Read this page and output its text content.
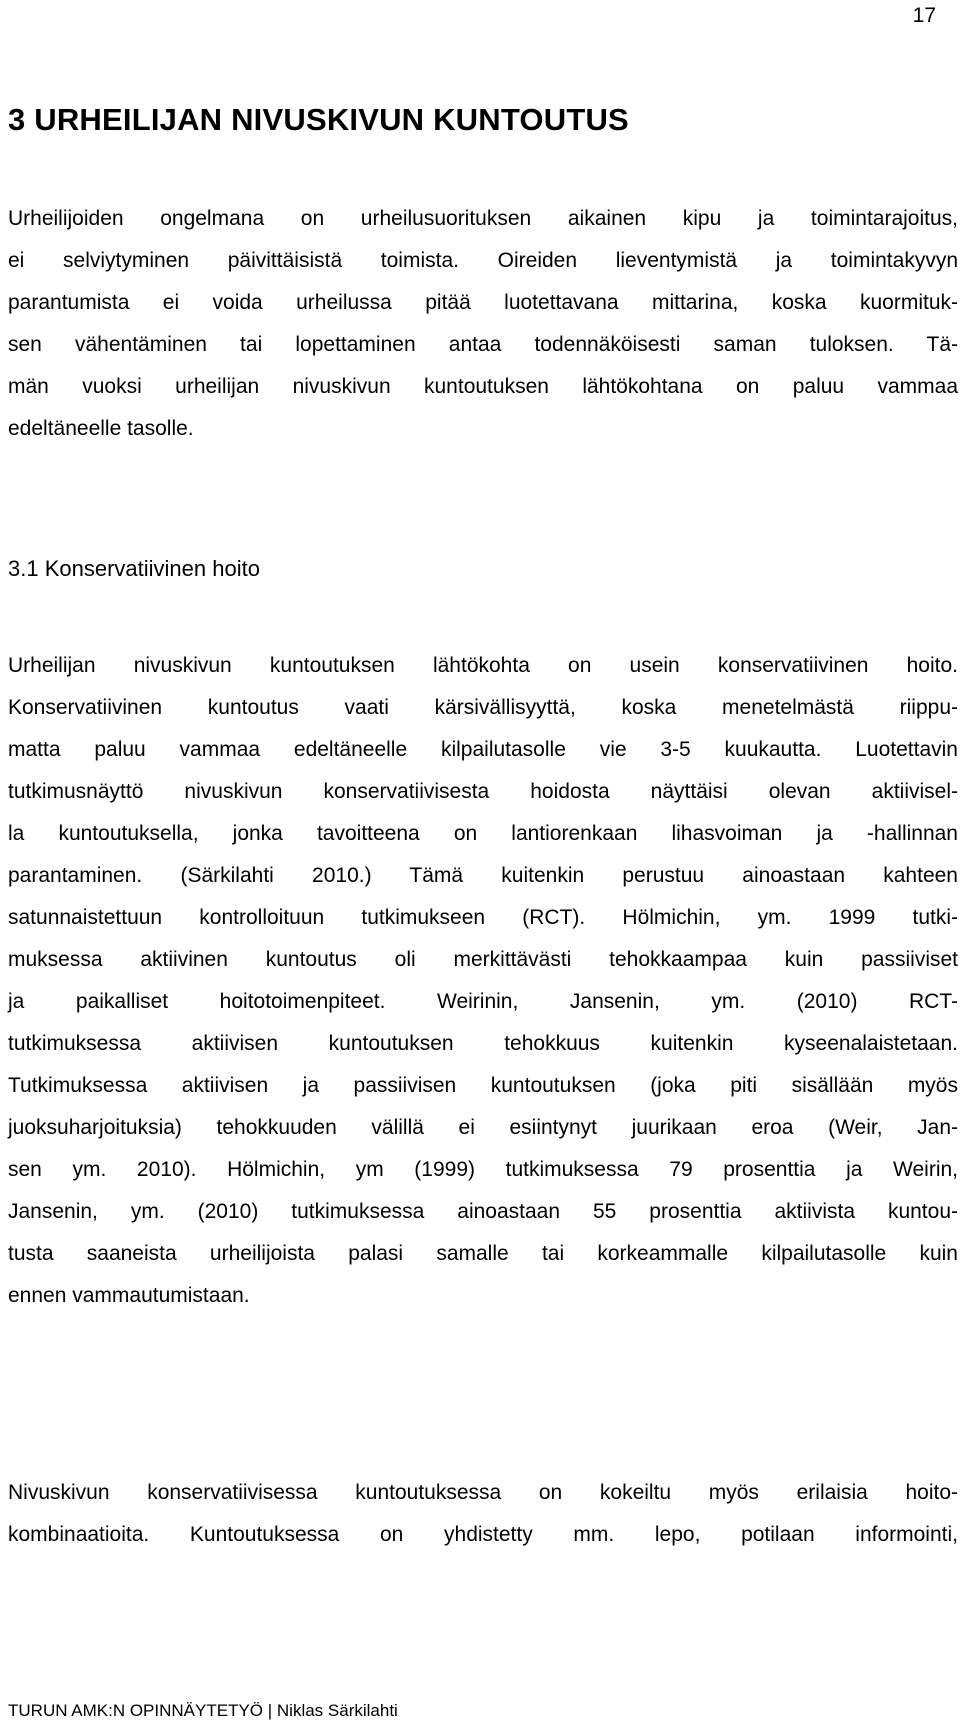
17
3 URHEILIJAN NIVUSKIVUN KUNTOUTUS
Urheilijoiden ongelmana on urheilusuorituksen aikainen kipu ja toimintarajoitus,
ei selviytyminen päivittäisistä toimista. Oireiden lieventymistä ja toimintakyvyn
parantumista ei voida urheilussa pitää luotettavana mittarina, koska kuormituk-
sen vähentäminen tai lopettaminen antaa todennäköisesti saman tuloksen. Tä-
män vuoksi urheilijan nivuskivun kuntoutuksen lähtökohtana on paluu vammaa
edeltäneelle tasolle.
3.1 Konservatiivinen hoito
Urheilijan nivuskivun kuntoutuksen lähtökohta on usein konservatiivinen hoito.
Konservatiivinen kuntoutus vaati kärsivällisyyttä, koska menetelmästä riippu-
matta paluu vammaa edeltäneelle kilpailutasolle vie 3-5 kuukautta. Luotettavin
tutkimusnäyttö nivuskivun konservatiivisesta hoidosta näyttäisi olevan aktiivisel-
la kuntoutuksella, jonka tavoitteena on lantiorenkaan lihasvoiman ja -hallinnan
parantaminen. (Särkilahti 2010.) Tämä kuitenkin perustuu ainoastaan kahteen
satunnaistettuun kontrolloituun tutkimukseen (RCT). Hölmichin, ym. 1999 tutki-
muksessa aktiivinen kuntoutus oli merkittävästi tehokkaampaa kuin passiiviset
ja paikalliset hoitotoimenpiteet. Weirinin, Jansenin, ym. (2010) RCT-
tutkimuksessa aktiivisen kuntoutuksen tehokkuus kuitenkin kyseenalaistetaan.
Tutkimuksessa aktiivisen ja passiivisen kuntoutuksen (joka piti sisällään myös
juoksuharjoituksia) tehokkuuden välillä ei esiintynyt juurikaan eroa (Weir, Jan-
sen ym. 2010). Hölmichin, ym (1999) tutkimuksessa 79 prosenttia ja Weirin,
Jansenin, ym. (2010) tutkimuksessa ainoastaan 55 prosenttia aktiivista kuntou-
tusta saaneista urheilijoista palasi samalle tai korkeammalle kilpailutasolle kuin
ennen vammautumistaan.
Nivuskivun konservatiivisessa kuntoutuksessa on kokeiltu myös erilaisia hoito-
kombinaatioita. Kuntoutuksessa on yhdistetty mm. lepo, potilaan informointi,
TURUN AMK:N OPINNÄYTETYÖ | Niklas Särkilahti
